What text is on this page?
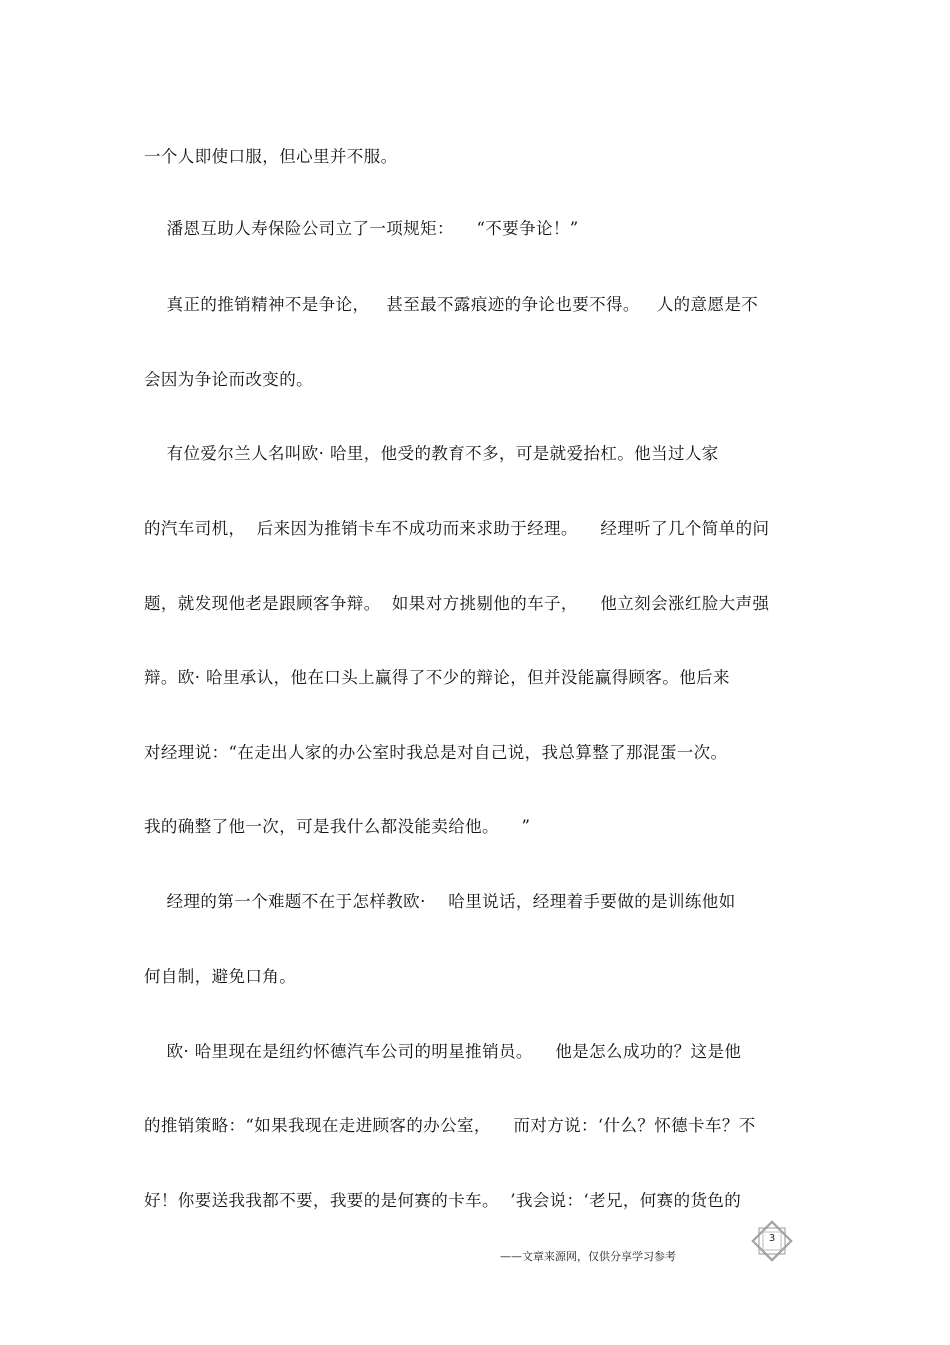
一个人即使口服，但心里并不服。
潘恩互助人寿保险公司立了一项规矩：    “不要争论！”
真正的推销精神不是争论，   甚至最不露痕迹的争论也要不得。   人的意愿是不
会因为争论而改变的。
有位爱尔兰人名叫欧· 哈里，他受的教育不多，可是就爱抬杠。他当过人家
的汽车司机，  后来因为推销卡车不成功而来求助于经理。    经理听了几个简单的问
题，就发现他老是跟顾客争辩。  如果对方挑剔他的车子，    他立刻会涨红脸大声强
辩。欧· 哈里承认，他在口头上赢得了不少的辩论，但并没能赢得顾客。他后来
对经理说：“在走出人家的办公室时我总是对自己说，我总算整了那混蛋一次。
我的确整了他一次，可是我什么都没能卖给他。    ”
经理的第一个难题不在于怎样教欧·    哈里说话，经理着手要做的是训练他如
何自制，避免口角。
欧· 哈里现在是纽约怀德汽车公司的明星推销员。    他是怎么成功的？这是他
的推销策略：“如果我现在走进顾客的办公室，    而对方说：‘什么？怀德卡车？不
好！你要送我我都不要，我要的是何赛的卡车。  ’我会说：‘老兄，何赛的货色的
——文章来源网，仅供分享学习参考
3
